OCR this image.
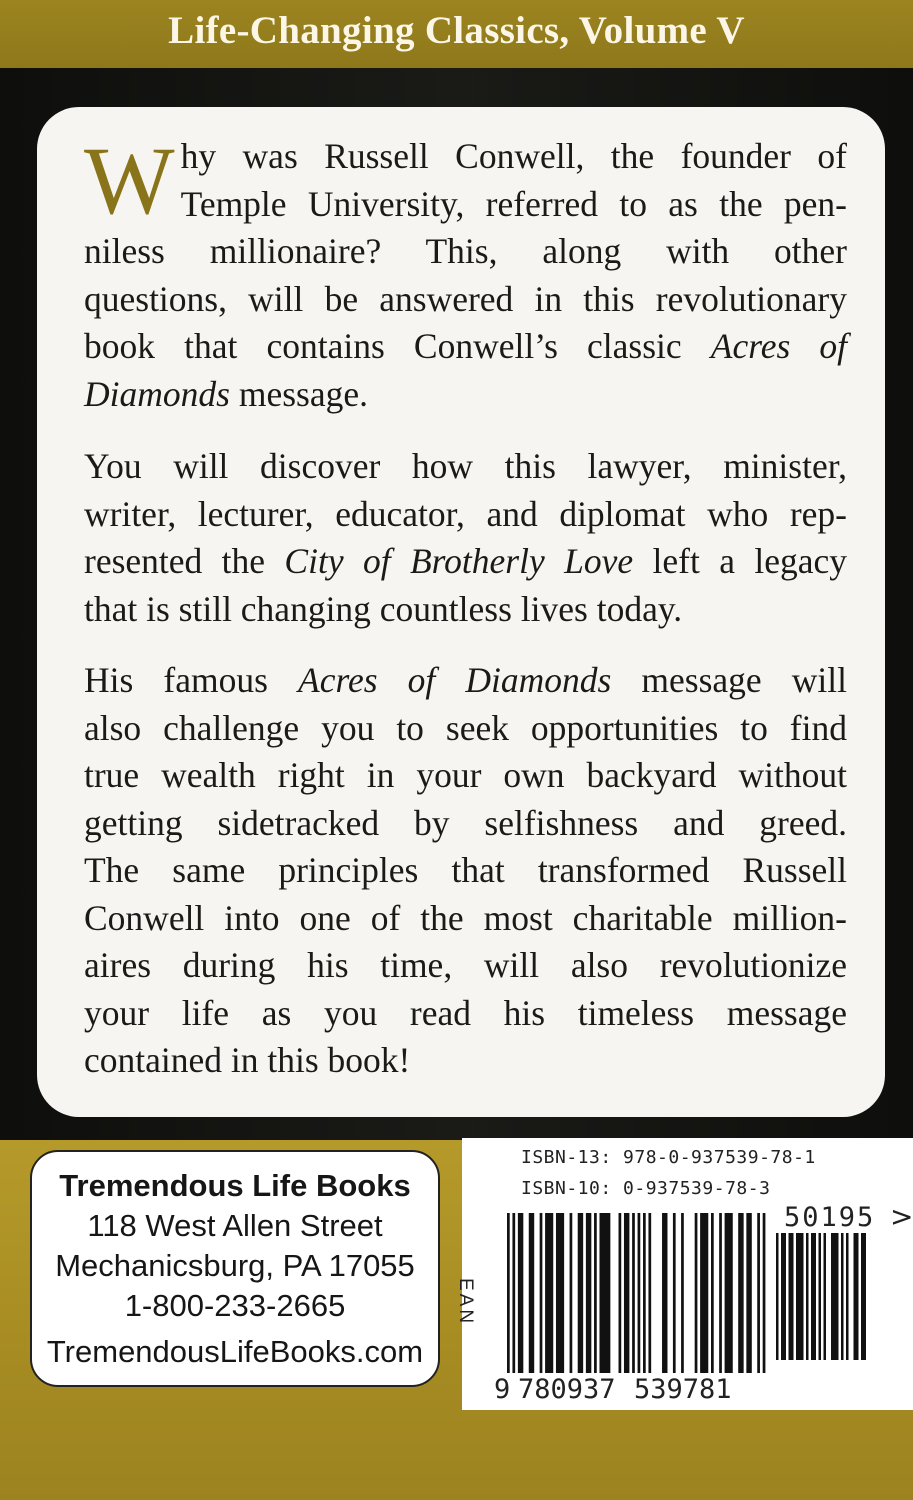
Life-Changing Classics, Volume V
W hy was Russell Conwell, the founder of
Temple University, referred to as the pen-
niless millionaire? This, along with other
questions, will be answered in this revolutionary
book that contains Conwell’s classic Acres of
Diamonds message.
You will discover how this lawyer, minister,
writer, lecturer, educator, and diplomat who rep-
resented the City of Brotherly Love left a legacy
that is still changing countless lives today.
His famous Acres of Diamonds message will
also challenge you to seek opportunities to find
true wealth right in your own backyard without
getting sidetracked by selfishness and greed.
The same principles that transformed Russell
Conwell into one of the most charitable million-
aires during his time, will also revolutionize
your life as you read his timeless message
contained in this book!
Tremendous Life Books
118 West Allen Street
Mechanicsburg, PA 17055
1-800-233-2665
TremendousLifeBooks.com
ISBN-13: 978-0-937539-78-1
ISBN-10: 0-937539-78-3
EAN
50195 >
9 780937 539781
